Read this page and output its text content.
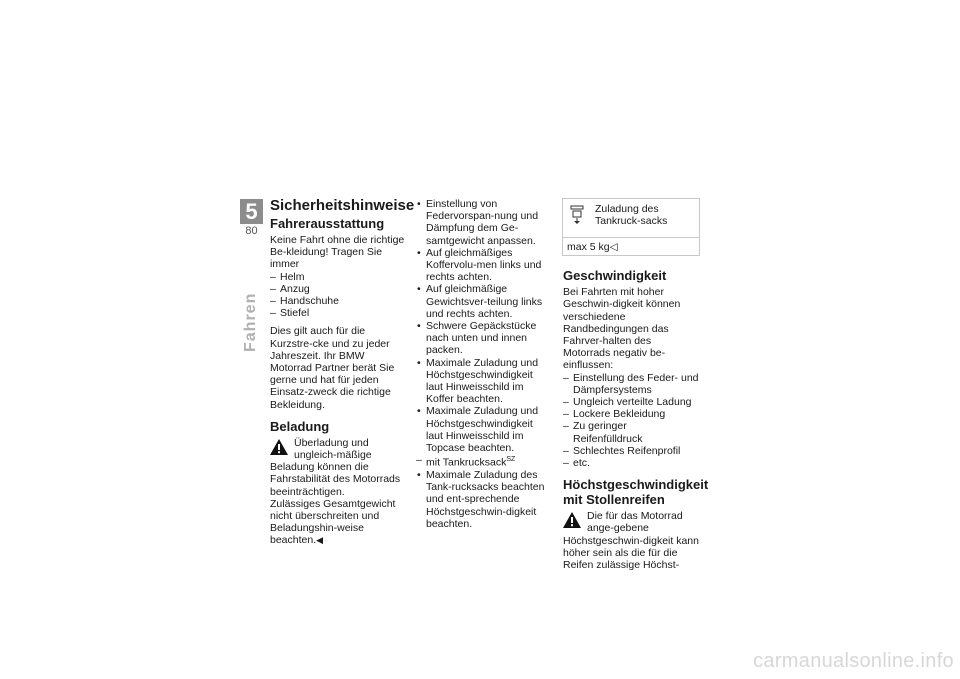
5
80
Fahren
Sicherheitshinweise
Fahrerausstattung

Keine Fahrt ohne die richtige Be-kleidung! Tragen Sie immer

– Helm
– Anzug
– Handschuhe
– Stiefel

Dies gilt auch für die Kurzstre-cke und zu jeder Jahreszeit. Ihr BMW Motorrad Partner berät Sie gerne und hat für jeden Einsatz-zweck die richtige Bekleidung.

Beladung
Überladung und ungleich-mäßige Beladung können die Fahrstabilität des Motorrads beeinträchtigen.

Zulässiges Gesamtgewicht nicht überschreiten und Beladungshin-weise beachten.◀

• Einstellung von Federvorspan-nung und Dämpfung dem Ge-samtgewicht anpassen.
• Auf gleichmäßiges Koffervolu-men links und rechts achten.
• Auf gleichmäßige Gewichtsver-teilung links und rechts achten.
• Schwere Gepäckstücke nach unten und innen packen.
• Maximale Zuladung und Höchstgeschwindigkeit laut Hinweisschild im Koffer beachten.
• Maximale Zuladung und Höchstgeschwindigkeit laut Hinweisschild im Topcase beachten.
– mit Tankrucksack$^{SZ}$
• Maximale Zuladung des Tank-rucksacks beachten und ent-sprechende Höchstgeschwin-digkeit beachten.
Zuladung des Tankruck-sacks
max 5 kg◁
Geschwindigkeit

Bei Fahrten mit hoher Geschwin-digkeit können verschiedene Randbedingungen das Fahrver-halten des Motorrads negativ be-einflussen:

– Einstellung des Feder- und Dämpfersystems
– Ungleich verteilte Ladung
– Lockere Bekleidung
– Zu geringer Reifenfülldruck
– Schlechtes Reifenprofil
– etc.
Höchstgeschwindigkeit mit Stollenreifen
Die für das Motorrad ange-gebene Höchstgeschwin-digkeit kann höher sein als die für die Reifen zulässige Höchst-
carmanualsonline.info
